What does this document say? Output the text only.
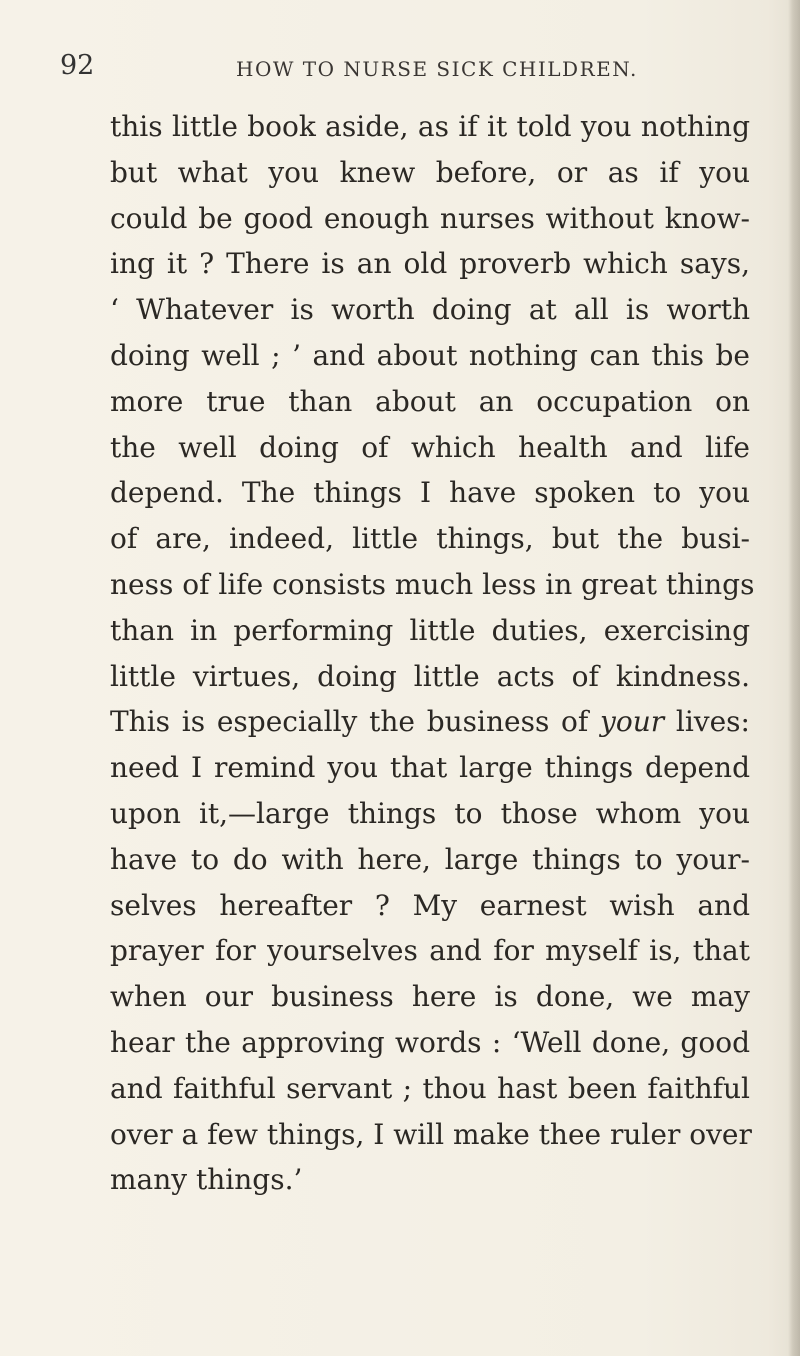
92	HOW TO NURSE SICK CHILDREN.
this little book aside, as if it told you nothing
but what you knew before, or as if you
could be good enough nurses without know-
ing it ? There is an old proverb which says,
‘ Whatever is worth doing at all is worth
doing well ; ’ and about nothing can this be
more true than about an occupation on
the well doing of which health and life
depend. The things I have spoken to you
of are, indeed, little things, but the busi-
ness of life consists much less in great things
than in performing little duties, exercising
little virtues, doing little acts of kindness.
This is especially the business of your lives:
need I remind you that large things depend
upon it,—large things to those whom you
have to do with here, large things to your-
selves hereafter ? My earnest wish and
prayer for yourselves and for myself is, that
when our business here is done, we may
hear the approving words : ‘Well done, good
and faithful servant ; thou hast been faithful
over a few things, I will make thee ruler over
many things.’
